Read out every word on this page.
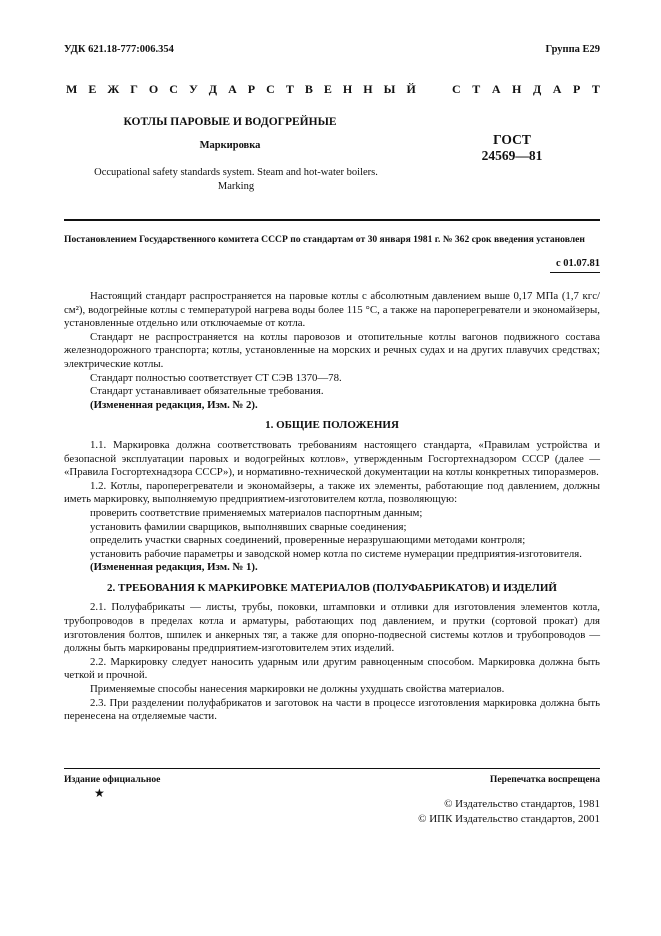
УДК 621.18-777:006.354	Группа Е29
М Е Ж Г О С У Д А Р С Т В Е Н Н Ы Й	С Т А Н Д А Р Т
КОТЛЫ ПАРОВЫЕ И ВОДОГРЕЙНЫЕ
Маркировка
Occupational safety standards system. Steam and hot-water boilers.
Marking
ГОСТ
24569—81
Постановлением Государственного комитета СССР по стандартам от 30 января 1981 г. № 362 срок введения установлен
с 01.07.81

Настоящий стандарт распространяется на паровые котлы с абсолютным давлением выше 0,17 МПа (1,7 кгс/см²), водогрейные котлы с температурой нагрева воды более 115 °С, а также на пароперегреватели и экономайзеры, установленные отдельно или отключаемые от котла.

Стандарт не распространяется на котлы паровозов и отопительные котлы вагонов подвижного состава железнодорожного транспорта; котлы, установленные на морских и речных судах и на других плавучих средствах; электрические котлы.

Стандарт полностью соответствует СТ СЭВ 1370—78.

Стандарт устанавливает обязательные требования.

(Измененная редакция, Изм. № 2).

1. ОБЩИЕ ПОЛОЖЕНИЯ

1.1. Маркировка должна соответствовать требованиям настоящего стандарта, «Правилам устройства и безопасной эксплуатации паровых и водогрейных котлов», утвержденным Госгортехнадзором СССР (далее — «Правила Госгортехнадзора СССР»), и нормативно-технической документации на котлы конкретных типоразмеров.

1.2. Котлы, пароперегреватели и экономайзеры, а также их элементы, работающие под давлением, должны иметь маркировку, выполняемую предприятием-изготовителем котла, позволяющую:

проверить соответствие применяемых материалов паспортным данным;

установить фамилии сварщиков, выполнявших сварные соединения;

определить участки сварных соединений, проверенные неразрушающими методами контроля;

установить рабочие параметры и заводской номер котла по системе нумерации предприятия-изготовителя.

(Измененная редакция, Изм. № 1).

2. ТРЕБОВАНИЯ К МАРКИРОВКЕ МАТЕРИАЛОВ (ПОЛУФАБРИКАТОВ) И ИЗДЕЛИЙ

2.1. Полуфабрикаты — листы, трубы, поковки, штамповки и отливки для изготовления элементов котла, трубопроводов в пределах котла и арматуры, работающих под давлением, и прутки (сортовой прокат) для изготовления болтов, шпилек и анкерных тяг, а также для опорно-подвесной системы котлов и трубопроводов — должны быть маркированы предприятием-изготовителем этих изделий.

2.2. Маркировку следует наносить ударным или другим равноценным способом. Маркировка должна быть четкой и прочной.

Применяемые способы нанесения маркировки не должны ухудшать свойства материалов.

2.3. При разделении полуфабрикатов и заготовок на части в процессе изготовления маркировка должна быть перенесена на отделяемые части.

Издание официальное
★
Перепечатка воспрещена
© Издательство стандартов, 1981
© ИПК Издательство стандартов, 2001
